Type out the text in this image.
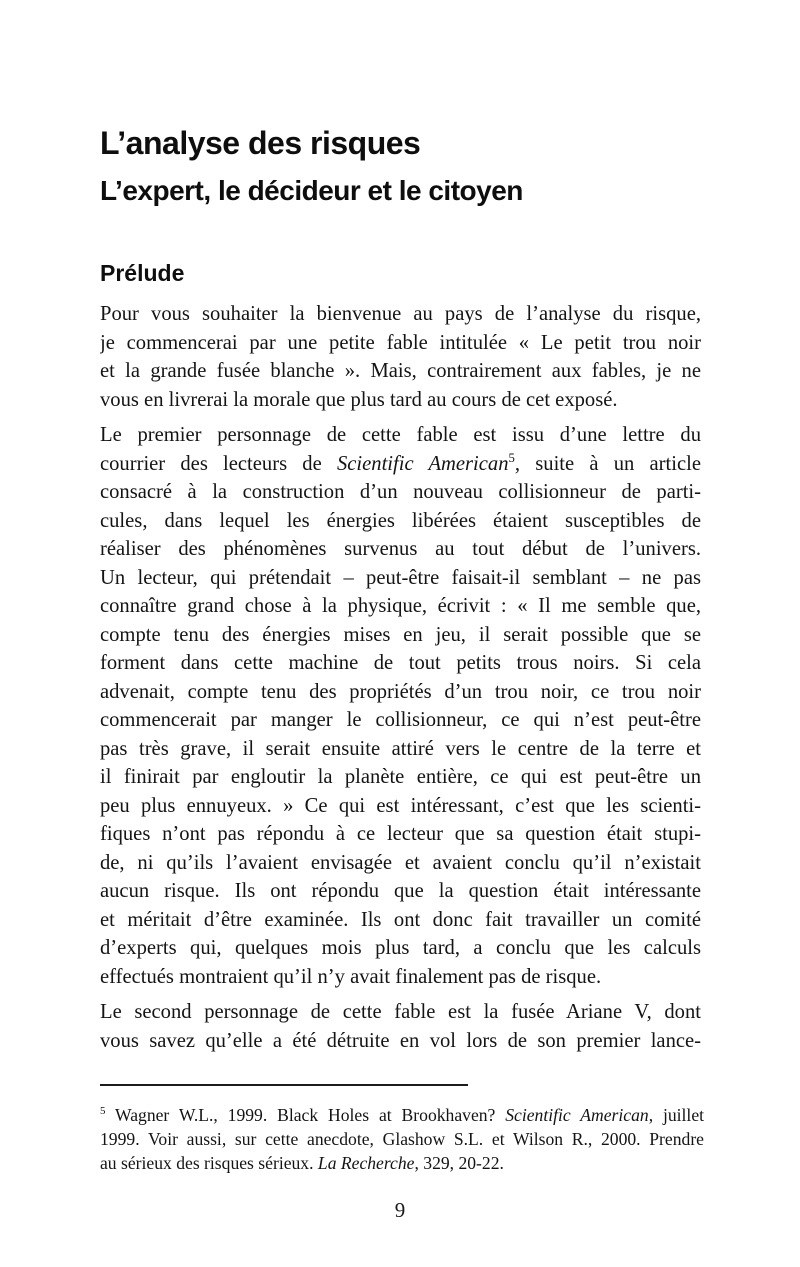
L’analyse des risques
L’expert, le décideur et le citoyen
Prélude
Pour vous souhaiter la bienvenue au pays de l’analyse du risque,
je commencerai par une petite fable intitulée « Le petit trou noir
et la grande fusée blanche ». Mais, contrairement aux fables, je ne
vous en livrerai la morale que plus tard au cours de cet exposé.
Le premier personnage de cette fable est issu d’une lettre du
courrier des lecteurs de Scientific American$^5$, suite à un article
consacré à la construction d’un nouveau collisionneur de parti-
cules, dans lequel les énergies libérées étaient susceptibles de
réaliser des phénomènes survenus au tout début de l’univers.
Un lecteur, qui prétendait – peut-être faisait-il semblant – ne pas
connaître grand chose à la physique, écrivit : « Il me semble que,
compte tenu des énergies mises en jeu, il serait possible que se
forment dans cette machine de tout petits trous noirs. Si cela
advenait, compte tenu des propriétés d’un trou noir, ce trou noir
commencerait par manger le collisionneur, ce qui n’est peut-être
pas très grave, il serait ensuite attiré vers le centre de la terre et
il finirait par engloutir la planète entière, ce qui est peut-être un
peu plus ennuyeux. » Ce qui est intéressant, c’est que les scienti-
fiques n’ont pas répondu à ce lecteur que sa question était stupi-
de, ni qu’ils l’avaient envisagée et avaient conclu qu’il n’existait
aucun risque. Ils ont répondu que la question était intéressante
et méritait d’être examinée. Ils ont donc fait travailler un comité
d’experts qui, quelques mois plus tard, a conclu que les calculs
effectués montraient qu’il n’y avait finalement pas de risque.
Le second personnage de cette fable est la fusée Ariane V, dont
vous savez qu’elle a été détruite en vol lors de son premier lance-
$^5$ Wagner W.L., 1999. Black Holes at Brookhaven? Scientific American, juillet
1999. Voir aussi, sur cette anecdote, Glashow S.L. et Wilson R., 2000. Prendre
au sérieux des risques sérieux. La Recherche, 329, 20-22.
9
